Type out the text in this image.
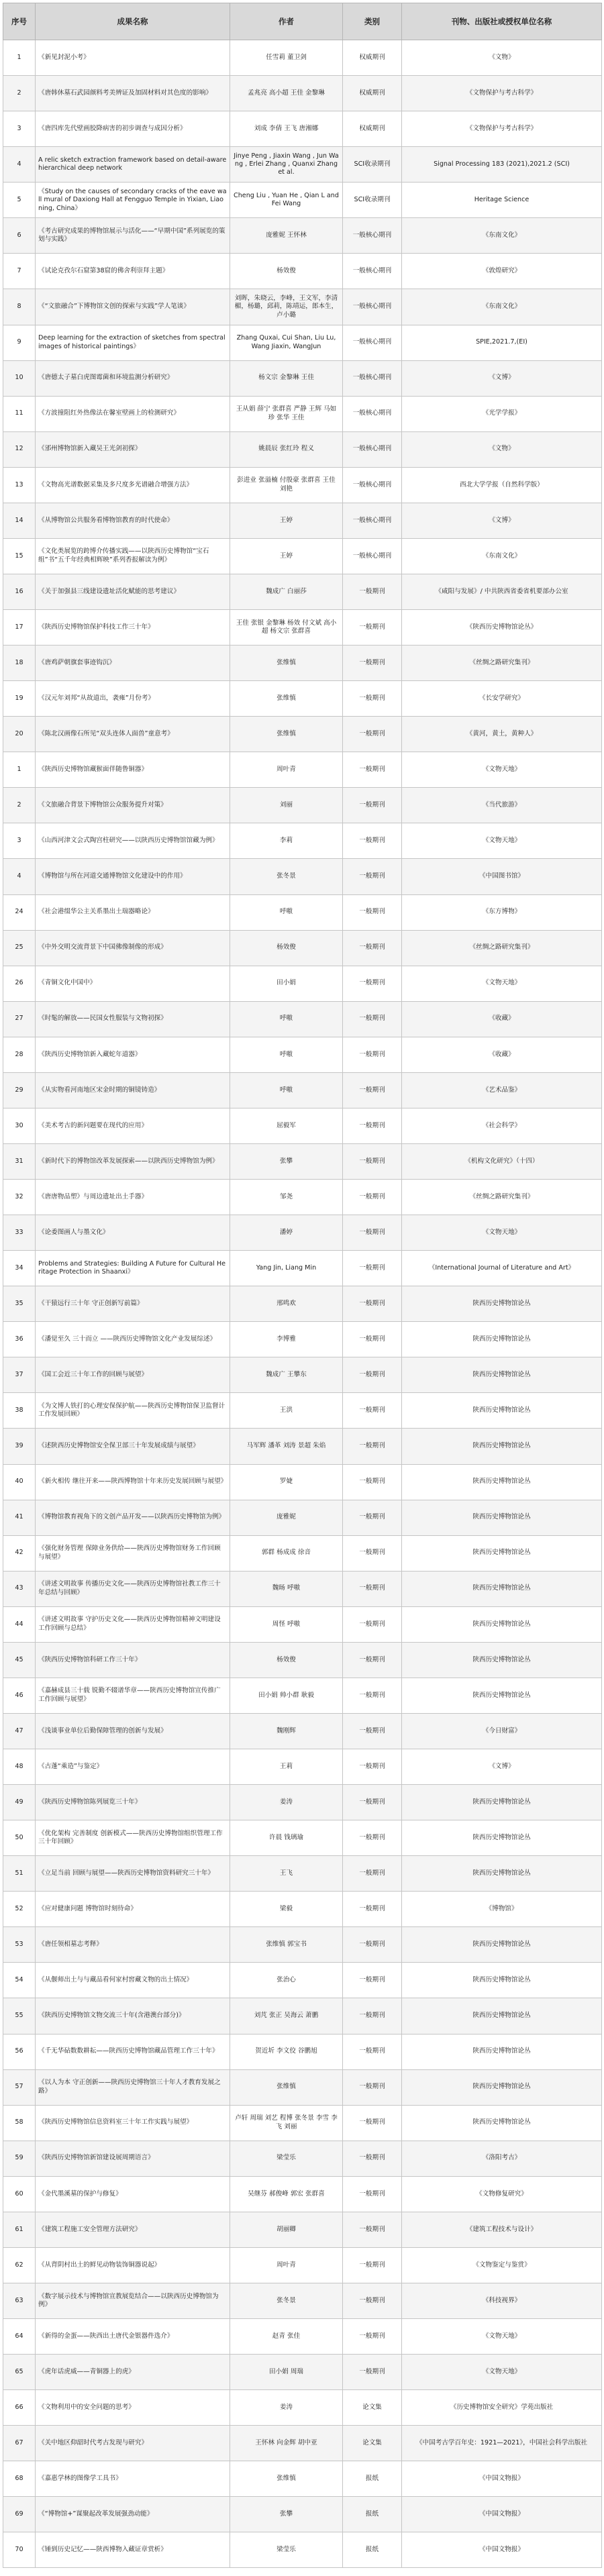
序号	成果名称	作者	类别	刊物、出版社或授权单位名称
1	《新见封泥小考》	任雪莉 董卫剑	权威期刊	《文物》
2	《唐韩休墓石武园颜料考美辨证及加固材料对其色度的影响》	孟兆亮 高小超 王佳 金黎琳	权威期刊	《文物保护与考古科学》
3	《唐四库先代壁画胶降病害的初步调查与成因分析》	刘成 李倩 王飞 唐湘娜	权威期刊	《文物保护与考古科学》
4	A relic sketch extraction framework based on detail-aware hierarchical deep network	Jinye Peng , Jiaxin Wang , Jun Wang , Erlei Zhang , Quanxi Zhang et al.	SCI收录期刊	Signal Processing 183 (2021),2021.2 (SCI)
5	《Study on the causes of secondary cracks of the eave wall mural of Daxiong Hall at Fengguo Temple in Yixian, Liaoning, China》	Cheng Liu , Yuan He , Qian L and Fei Wang	SCI收录期刊	Heritage Science
6	《考古研究成果的博物馆展示与活化——“早期中国”系列展览的策划与实践》	庞雅妮 王怀林	一般核心期刊	《东南文化》
7	《试论克孜尔石窟第38窟的佛舍利崇拜主题》	杨效俊	一般核心期刊	《敦煌研究》
8	《“文旅融合”下博物馆文创的探索与实践”学人笔谈》	刘晖，朱晓云，李峰，王文军，李清楣，杨璐，邱莉，陈靖运，郎本生，卢小璐	一般核心期刊	《东南文化》
9	Deep learning for the extraction of sketches from spectral images of historical paintings》	Zhang Quxai, Cui Shan, Liu Lu, Wang Jiaxin, WangJun	一般核心期刊	SPIE,2021.7,(EI)
10	《唐德太子墓白虎图霉菌和环境监测分析研究》	杨文宗 金黎琳 王佳	一般核心期刊	《文博》
11	《方波撞阻红外热像法在馨室壁画上的检测研究》	王从娟 薛宁 张群喜 严静 王辉 马如珍 张华 王佳	一般核心期刊	《光学学报》
12	《邠州博物馆新入藏吴王光剑初探》	姚晨辰 张红玲 程义	一般核心期刊	《文物》
13	《文物高光谱数据采集及多尺度多光谱融合增强方法》	彭进业 张溢楠 付殷豪 张群喜 王佳 刘艳	一般核心期刊	西北大学学报（自然科学版）
14	《从博物馆公共服务看博物馆教育的时代使命》	王婷	一般核心期刊	《文博》
15	《文化类展览的跨博介传播实践——以陕西历史博物馆“宝石组”书“五千年经典相辉映”系列香报解读为例》	王婷	一般核心期刊	《东南文化》
16	《关于加强县三线建设遗址活化赋能的思考建议》	魏成广 白丽莎	一般期刊	《咸阳与发展》/ 中共陕西省委省机要部办公室
17	《陕西历史博物馆保护科技工作三十年》	王佳 张银 金黎琳 杨效 付文斌 高小超 杨文宗 张群喜	一般期刊	《陕西历史博物馆论丛》
18	《唐鸡萨朝旗套事迹钩沉》	张维慎	一般期刊	《丝绸之路研究集刊》
19	《汉元年刘邦“从故道出，袭雍”月份考》	张维慎	一般期刊	《长安学研究》
20	《陈北汉画像石所见“双头连体人面兽”童意考》	张维慎	一般期刊	《黄河，黄土，黄种人》
1	《陕西历史博物馆藏猴面伴随鲁铜器》	周叶青	一般期刊	《文物天地》
2	《文旅融合背景下博物馆公众服务提升对策》	刘丽	一般期刊	《当代旅游》
3	《山西河津文会式陶宫柱研究——以陕西历史博物馆馆藏为例》	李莉	一般期刊	《文物天地》
4	《博物馆与所在河道交通博物馆文化建设中的作用》	张冬景	一般期刊	《中国图书馆》
24	《社会港缀华公主关系墨出土瑞器略论》	呼嗷	一般期刊	《东方博物》
25	《中外交明交流背景下中国佛像制像的形成》	杨效俊	一般期刊	《丝绸之路研究集刊》
26	《青铜文化中国中》	田小娟	一般期刊	《文物天地》
27	《时髦的解放——民国女性服装与文物初探》	呼嗷	一般期刊	《收藏》
28	《陕西历史博物馆新入藏蛇年道器》	呼嗷	一般期刊	《收藏》
29	《从实物看河南地区宋金时期的铜镜铸造》	呼嗷	一般期刊	《艺术品鉴》
30	《美术考古的新问题要在现代的应用》	屈毅军	一般期刊	《社会科学》
31	《新时代下的博物馆改革发展探索——以陕西历史博物馆为例》	张攀	一般期刊	《机构文化研究》（十四）
32	《唐唐物品塑》与周边遗址出土手器》	邹尧	一般期刊	《丝绸之路研究集刊》
33	《论委图画人与墨文化》	潘婷	一般期刊	《文物天地》
34	Problems and Strategies: Building A Future for Cultural Heritage Protection in Shaanxi》	Yang Jin, Liang Min	一般期刊	《International Journal of Literature and Art》
35	《干猿远行三十年 守正创新写前篇》	邢鸣欢	一般期刊	陕西历史博物馆论丛
36	《潘觉至久 三十而立 ——陕西历史博物馆文化产业发展综述》	李博雅	一般期刊	陕西历史博物馆论丛
37	《国工会近三十年工作的回顾与展望》	魏成广 王攀东	一般期刊	陕西历史博物馆论丛
38	《为文博人铁打的心理安保保护航——陕西历史博物馆保卫监督计工作发展回顾》	王洪	一般期刊	陕西历史博物馆论丛
39	《述陕西历史博物馆安全保卫部三十年发展成绩与展望》	马军辉 潘革 刘涛 景超 朱焰	一般期刊	陕西历史博物馆论丛
40	《新火相传 继往开来——陕西博物馆十年来历史发展回顾与展望》	罗婕	一般期刊	陕西历史博物馆论丛
41	《博物馆教育视角下的文创产品开发——以陕西历史博物馆为例》	庞雅妮	一般期刊	陕西历史博物馆论丛
42	《强化财务管理 保障业务供给——陕西历史博物馆财务工作回顾与展望》	郭群 杨成成 徐音	一般期刊	陕西历史博物馆论丛
43	《讲述文明故事 传播历史文化——陕西历史博物馆社教工作三十年总结与回顾》	魏旸 呼嗷	一般期刊	陕西历史博物馆论丛
44	《讲述文明故事 守护历史文化——陕西历史博物馆精神文明建设工作回顾与总结》	周怪 呼嗷	一般期刊	陕西历史博物馆论丛
45	《陕西历史博物馆科研工作三十年》	杨效俊	一般期刊	陕西历史博物馆论丛
46	《嘉赫成县三十载 锐勤不辍谱华章——陕西历史博物馆宣传推广工作回顾与展望》	田小娟 帅小群 耿毅	一般期刊	陕西历史博物馆论丛
47	《浅谈事业单位后勤保障管理的创新与发展》	魏刚辉	一般期刊	《今日财富》
48	《古蓬“乘造”与鉴定》	王莉	一般期刊	《文博》
49	《陕西历史博物馆陈列展览三十年》	姜涛	一般期刊	陕西历史博物馆论丛
50	《优化架构 完善制度 创新模式——陕西历史博物馆组织管理工作三十年回顾》	许晨 钱璃瑜	一般期刊	陕西历史博物馆论丛
51	《立足当前 回顾与展望——陕西历史博物馆资料研究三十年》	王飞	一般期刊	陕西历史博物馆论丛
52	《应对健康问题 博物馆时刻待命》	梁毅	一般期刊	《博物馆》
53	《唐任领相墓志考释》	张维慎 郭宝书	一般期刊	陕西历史博物馆论丛
54	《从偃师出土与与藏品看何家村窖藏文物的出土情况》	张治心	一般期刊	陕西历史博物馆论丛
55	《陕西历史博物馆文物交流三十年(含港澳台部分)》	刘芃 张正 吴海云 萧鹏	一般期刊	陕西历史博物馆论丛
56	《千无华砧数数耕耘——陕西历史博物馆藏品管理工作三十年》	贺近圻 李文佼 谷鹏旭	一般期刊	陕西历史博物馆论丛
57	《以人为本 守正创新——陕西历史博物馆三十年人才教育发展之路》	张维慎	一般期刊	陕西历史博物馆论丛
58	《陕西历史博物馆信息资料室三十年工作实践与展望》	卢轩 周瑞 刘艺 程博 张冬景 李雪 李飞 刘丽	一般期刊	陕西历史博物馆论丛
59	《陕西历史博物馆新馆建设展周期语言》	梁莹乐	一般期刊	《洛阳考古》
60	《金代墨溪墓的保护与修复》	吴继芬 郝俊峰 郭宏 张群喜	一般期刊	《文物修复研究》
61	《建筑工程施工安全管理方法研究》	胡丽卿	一般期刊	《建筑工程技术与设计》
62	《从背阴村出土的鲜见动物装饰铜器说起》	周叶青	一般期刊	《文物鉴定与鉴赏》
63	《数字展示技术与博物馆宣教展览结合——以陕西历史博物馆为例》	张冬景	一般期刊	《科技视界》
64	《新得的金蛋——陕西出土唐代金银器件选介》	赵青 张佳	一般期刊	《文物天地》
65	《虎年话虎威——青铜器上的虎》	田小娟 周瑞	一般期刊	《文物天地》
66	《文物利用中的安全问题的思考》	姜涛	论文集	《历史博物馆安全研究》学苑出版社
67	《关中地区仰韶时代考古发现与研究》	王怀林 向金辉 胡中亚	论文集	《中国考古学百年史：1921—2021》，中国社会科学出版社
68	《嘉惠学林的图像学工具书》	张维慎	报纸	《中国文物报》
69	《“博物馆+”谋聚起改革发展强劲动能》	张攀	报纸	《中国文物报》
70	《锤到历史记忆——陕西博物入藏证章赏析》	梁莹乐	报纸	《中国文物报》
